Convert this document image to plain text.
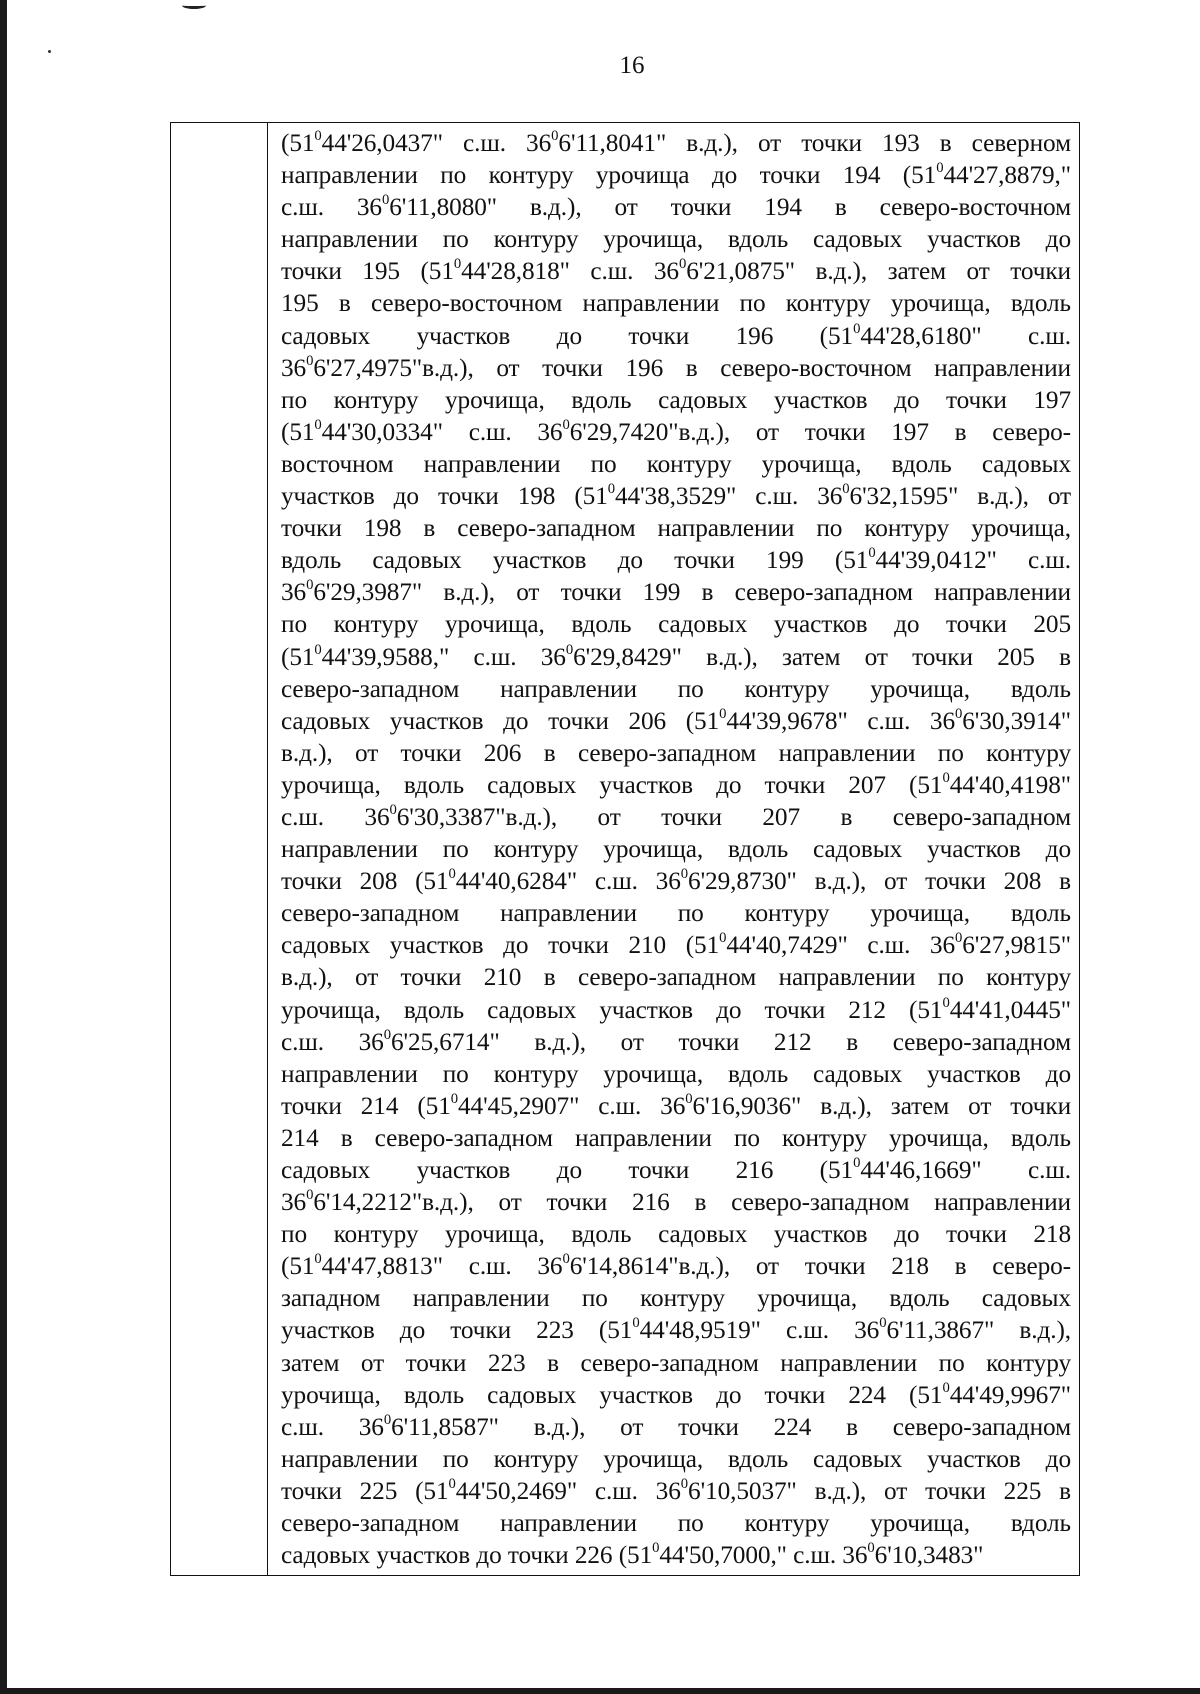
16
($51^044'26,0437$" с.ш. $36^06'11,8041$" в.д.), от точки 193 в северном
направлении по контуру урочища до точки 194 ($51^044'27,8879$,"
с.ш. $36^06'11,8080$" в.д.), от точки 194 в северо-восточном
направлении по контуру урочища, вдоль садовых участков до
точки 195 ($51^044'28,818$" с.ш. $36^06'21,0875$" в.д.), затем от точки
195 в северо-восточном направлении по контуру урочища, вдоль
садовых участков до точки 196 ($51^044'28,6180$" с.ш.
$36^06'27,4975"в.д$.), от точки 196 в северо-восточном направлении
по контуру урочища, вдоль садовых участков до точки 197
($51^044'30,0334$" с.ш. $36^06'29,7420"в.д$.), от точки 197 в северо-
восточном направлении по контуру урочища, вдоль садовых
участков до точки 198 ($51^044'38,3529$" с.ш. $36^06'32,1595$" в.д.), от
точки 198 в северо-западном направлении по контуру урочища,
вдоль садовых участков до точки 199 ($51^044'39,0412$" с.ш.
$36^06'29,3987$" в.д.), от точки 199 в северо-западном направлении
по контуру урочища, вдоль садовых участков до точки 205
($51^044'39,9588$," с.ш. $36^06'29,8429$" в.д.), затем от точки 205 в
северо-западном направлении по контуру урочища, вдоль
садовых участков до точки 206 ($51^044'39,9678$" с.ш. $36^06'30,3914$"
в.д.), от точки 206 в северо-западном направлении по контуру
урочища, вдоль садовых участков до точки 207 ($51^044'40,4198$"
с.ш. $36^06'30,3387"в.д$.), от точки 207 в северо-западном
направлении по контуру урочища, вдоль садовых участков до
точки 208 ($51^044'40,6284$" с.ш. $36^06'29,8730$" в.д.), от точки 208 в
северо-западном направлении по контуру урочища, вдоль
садовых участков до точки 210 ($51^044'40,7429$" с.ш. $36^06'27,9815$"
в.д.), от точки 210 в северо-западном направлении по контуру
урочища, вдоль садовых участков до точки 212 ($51^044'41,0445$"
с.ш. $36^06'25,6714$" в.д.), от точки 212 в северо-западном
направлении по контуру урочища, вдоль садовых участков до
точки 214 ($51^044'45,2907$" с.ш. $36^06'16,9036$" в.д.), затем от точки
214 в северо-западном направлении по контуру урочища, вдоль
садовых участков до точки 216 ($51^044'46,1669$" с.ш.
$36^06'14,2212"в.д$.), от точки 216 в северо-западном направлении
по контуру урочища, вдоль садовых участков до точки 218
($51^044'47,8813$" с.ш. $36^06'14,8614"в.д$.), от точки 218 в северо-
западном направлении по контуру урочища, вдоль садовых
участков до точки 223 ($51^044'48,9519$" с.ш. $36^06'11,3867$" в.д.),
затем от точки 223 в северо-западном направлении по контуру
урочища, вдоль садовых участков до точки 224 ($51^044'49,9967$"
с.ш. $36^06'11,8587$" в.д.), от точки 224 в северо-западном
направлении по контуру урочища, вдоль садовых участков до
точки 225 ($51^044'50,2469$" с.ш. $36^06'10,5037$" в.д.), от точки 225 в
северо-западном направлении по контуру урочища, вдоль
садовых участков до точки 226 ($51^044'50,7000$," с.ш. $36^06'10,3483$"
